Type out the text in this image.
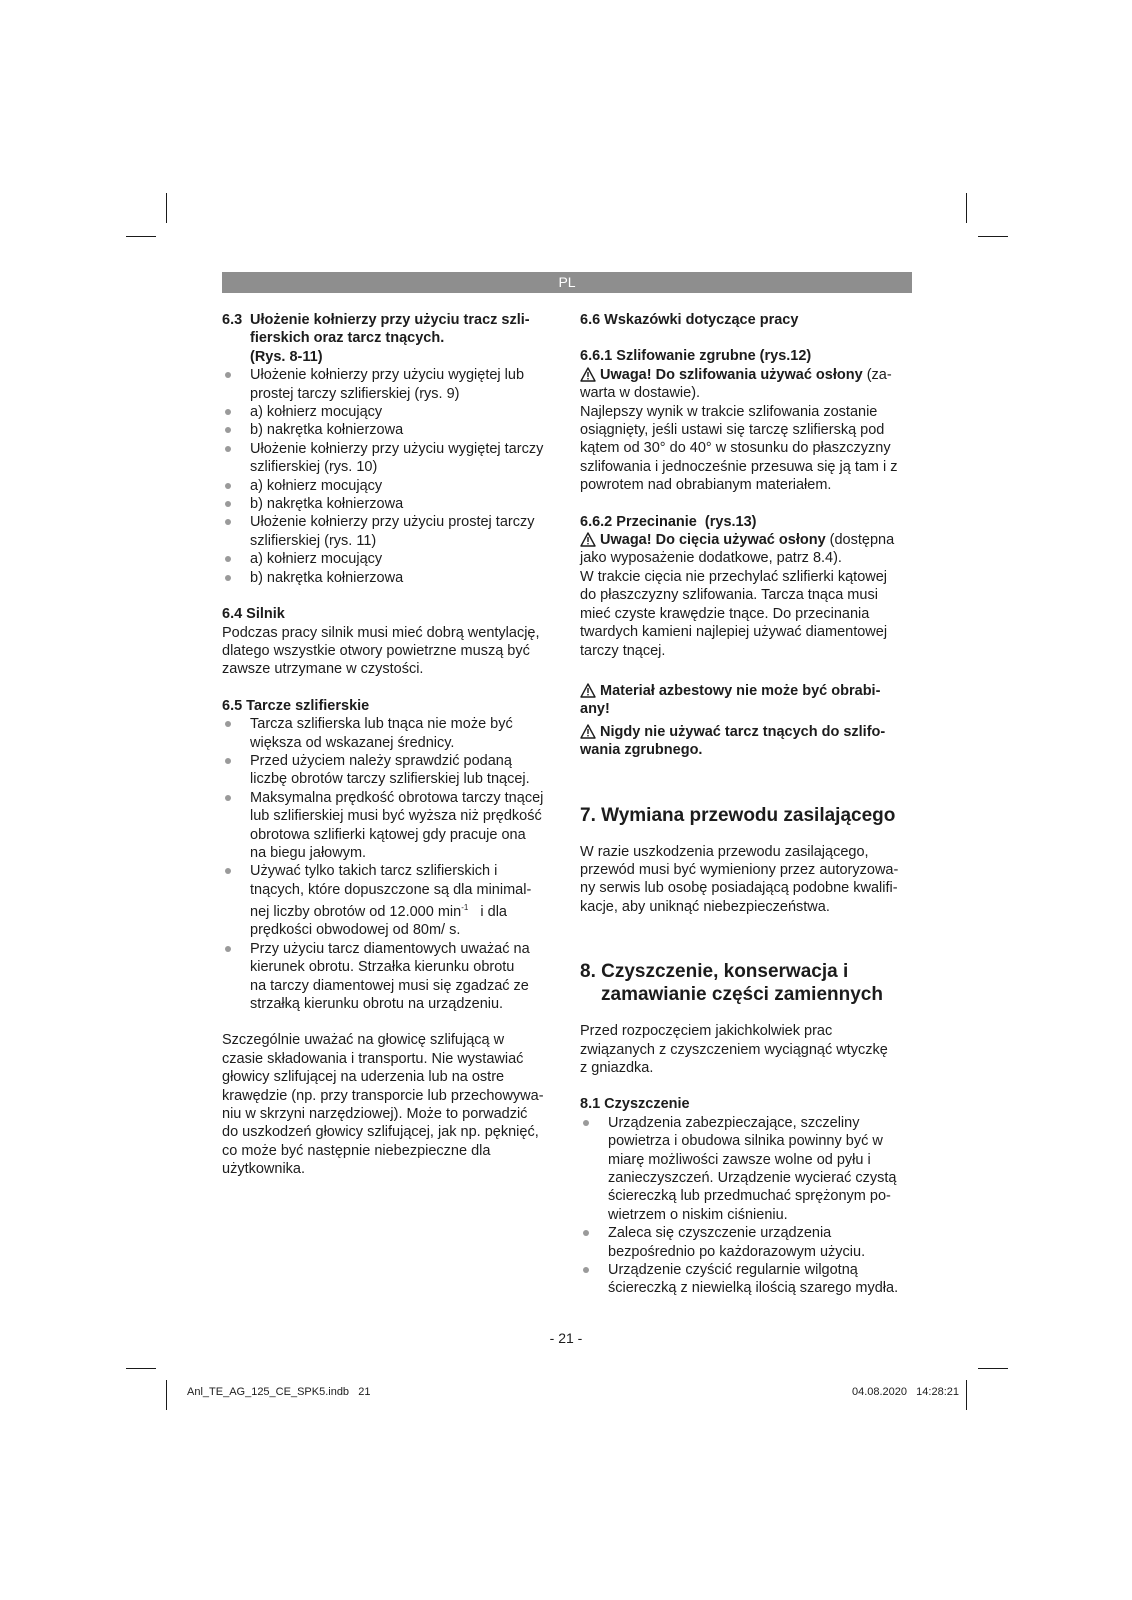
PL
6.3 Ułożenie kołnierzy przy użyciu tracz szli-
fierskich oraz tarcz tnących.
(Rys. 8-11)
Ułożenie kołnierzy przy użyciu wygiętej lub prostej tarczy szlifierskiej (rys. 9)
a) kołnierz mocujący
b) nakrętka kołnierzowa
Ułożenie kołnierzy przy użyciu wygiętej tarczy szlifierskiej (rys. 10)
a) kołnierz mocujący
b) nakrętka kołnierzowa
Ułożenie kołnierzy przy użyciu prostej tarczy szlifierskiej (rys. 11)
a) kołnierz mocujący
b) nakrętka kołnierzowa
6.4 Silnik

Podczas pracy silnik musi mieć dobrą wentylację,
dlatego wszystkie otwory powietrzne muszą być
zawsze utrzymane w czystości.

6.5 Tarcze szlifierskie
Tarcza szlifierska lub tnąca nie może być
większa od wskazanej średnicy.
Przed użyciem należy sprawdzić podaną
liczbę obrotów tarczy szlifierskiej lub tnącej.
Maksymalna prędkość obrotowa tarczy tnącej
lub szlifierskiej musi być wyższa niż prędkość
obrotowa szlifierki kątowej gdy pracuje ona
na biegu jałowym.
Używać tylko takich tarcz szlifierskich i
tnących, które dopuszczone są dla minimal-
nej liczby obrotów od 12.000 $\min^{-1} i$ dla
prędkości obwodowej od 80m/ s.
Przy użyciu tarcz diamentowych uważać na
kierunek obrotu. Strzałka kierunku obrotu
na tarczy diamentowej musi się zgadzać ze
strzałką kierunku obrotu na urządzeniu.

Szczególnie uważać na głowicę szlifującą w
czasie składowania i transportu. Nie wystawiać
głowicy szlifującej na uderzenia lub na ostre
krawędzie (np. przy transporcie lub przechowywa-
niu w skrzyni narzędziowej). Może to porwadzić
do uszkodzeń głowicy szlifującej, jak np. pęknięć,
co może być następnie niebezpieczne dla
użytkownika.

6.6 Wskazówki dotyczące pracy
6.6.1 Szlifowanie zgrubne (rys.12)
Uwaga! Do szlifowania używać osłony (za-

warta w dostawie).
Najlepszy wynik w trakcie szlifowania zostanie
osiągnięty, jeśli ustawi się tarczę szlifierską pod
kątem od 30° do 40° w stosunku do płaszczyzny
szlifowania i jednocześnie przesuwa się ją tam i z
powrotem nad obrabianym materiałem.

6.6.2 Przecinanie  (rys.13)
Uwaga! Do cięcia używać osłony (dostępna

jako wyposażenie dodatkowe, patrz 8.4).
W trakcie cięcia nie przechylać szlifierki kątowej
do płaszczyzny szlifowania. Tarcza tnąca musi
mieć czyste krawędzie tnące. Do przecinania
twardych kamieni najlepiej używać diamentowej
tarczy tnącej.

Materiał azbestowy nie może być obrabi-
any!
Nigdy nie używać tarcz tnących do szlifo-
wania zgrubnego.
7. Wymiana przewodu zasilającego

W razie uszkodzenia przewodu zasilającego,
przewód musi być wymieniony przez autoryzowa-
ny serwis lub osobę posiadającą podobne kwalifi-
kacje, aby uniknąć niebezpieczeństwa.

8. Czyszczenie, konserwacja i
zamawianie części zamiennych

Przed rozpoczęciem jakichkolwiek prac
związanych z czyszczeniem wyciągnąć wtyczkę
z gniazdka.

8.1 Czyszczenie
Urządzenia zabezpieczające, szczeliny
powietrza i obudowa silnika powinny być w
miarę możliwości zawsze wolne od pyłu i
zanieczyszczeń. Urządzenie wycierać czystą
ściereczką lub przedmuchać sprężonym po-
wietrzem o niskim ciśnieniu.
Zaleca się czyszczenie urządzenia
bezpośrednio po każdorazowym użyciu.
Urządzenie czyścić regularnie wilgotną
ściereczką z niewielką ilością szarego mydła.
- 21 -
Anl_TE_AG_125_CE_SPK5.indb   21	04.08.2020   14:28:21
